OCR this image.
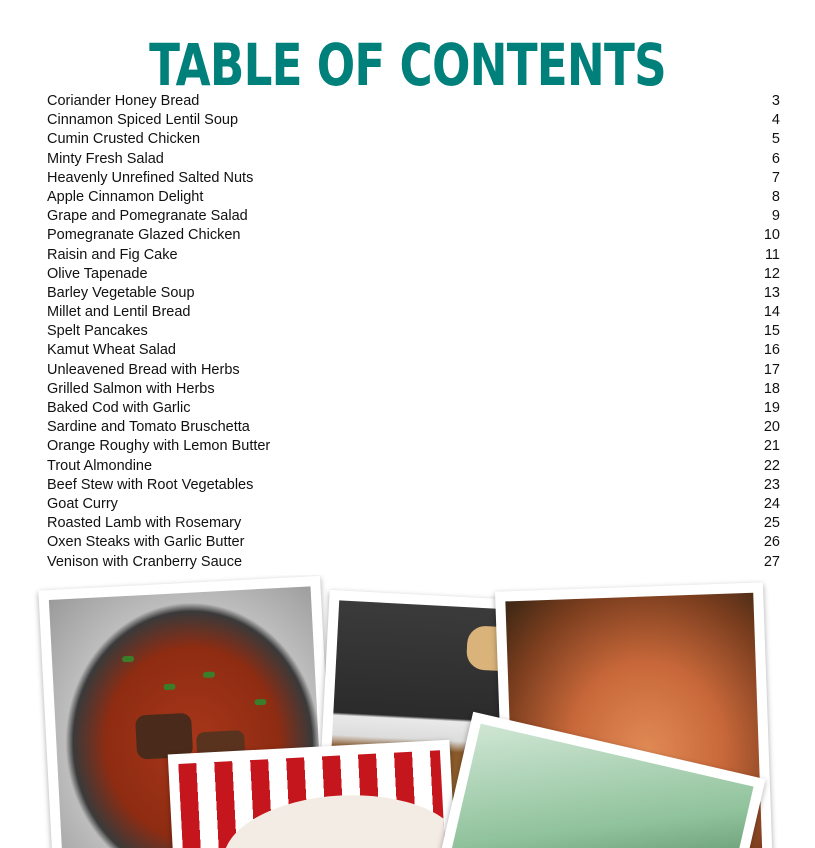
TABLE OF CONTENTS
Coriander Honey Bread	3
Cinnamon Spiced Lentil Soup	4
Cumin Crusted Chicken	5
Minty Fresh Salad	6
Heavenly Unrefined Salted Nuts	7
Apple Cinnamon Delight	8
Grape and Pomegranate Salad	9
Pomegranate Glazed Chicken	10
Raisin and Fig Cake	11
Olive Tapenade	12
Barley Vegetable Soup	13
Millet and Lentil Bread	14
Spelt Pancakes	15
Kamut Wheat Salad	16
Unleavened Bread with Herbs	17
Grilled Salmon with Herbs	18
Baked Cod with Garlic	19
Sardine and Tomato Bruschetta	20
Orange Roughy with Lemon Butter	21
Trout Almondine	22
Beef Stew with Root Vegetables	23
Goat Curry	24
Roasted Lamb with Rosemary	25
Oxen Steaks with Garlic Butter	26
Venison with Cranberry Sauce	27
